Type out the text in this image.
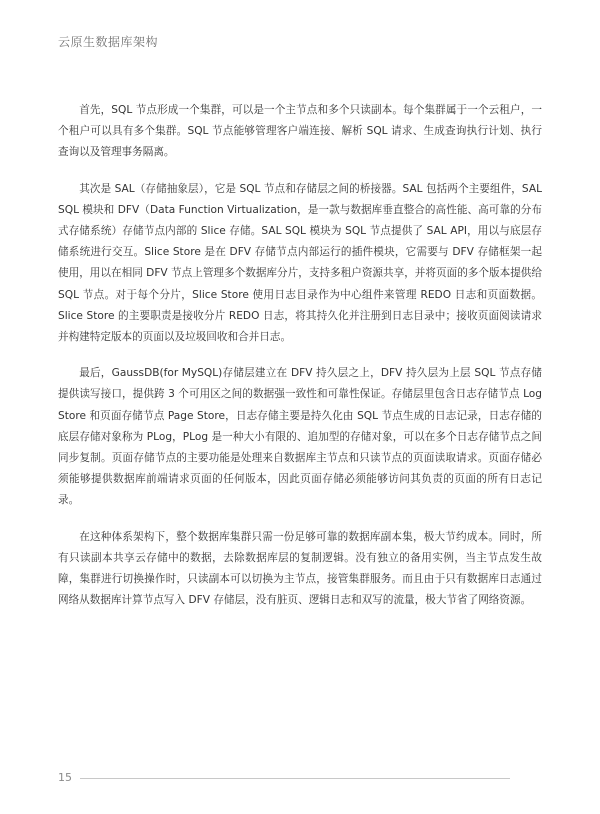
云原生数据库架构

首先，SQL 节点形成一个集群，可以是一个主节点和多个只读副本。每个集群属于一个云租户，一个租户可以具有多个集群。SQL 节点能够管理客户端连接、解析 SQL 请求、生成查询执行计划、执行查询以及管理事务隔离。

其次是 SAL（存储抽象层），它是 SQL 节点和存储层之间的桥接器。SAL 包括两个主要组件，SAL SQL 模块和 DFV（Data Function Virtualization，是一款与数据库垂直整合的高性能、高可靠的分布式存储系统）存储节点内部的 Slice 存储。SAL SQL 模块为 SQL 节点提供了 SAL API，用以与底层存储系统进行交互。Slice Store 是在 DFV 存储节点内部运行的插件模块，它需要与 DFV 存储框架一起使用，用以在相同 DFV 节点上管理多个数据库分片，支持多租户资源共享，并将页面的多个版本提供给 SQL 节点。对于每个分片，Slice Store 使用日志目录作为中心组件来管理 REDO 日志和页面数据。Slice Store 的主要职责是接收分片 REDO 日志，将其持久化并注册到日志目录中；接收页面阅读请求并构建特定版本的页面以及垃圾回收和合并日志。

最后，GaussDB(for MySQL)存储层建立在 DFV 持久层之上，DFV 持久层为上层 SQL 节点存储提供读写接口，提供跨 3 个可用区之间的数据强一致性和可靠性保证。存储层里包含日志存储节点 Log Store 和页面存储节点 Page Store，日志存储主要是持久化由 SQL 节点生成的日志记录，日志存储的底层存储对象称为 PLog，PLog 是一种大小有限的、追加型的存储对象，可以在多个日志存储节点之间同步复制。页面存储节点的主要功能是处理来自数据库主节点和只读节点的页面读取请求。页面存储必须能够提供数据库前端请求页面的任何版本，因此页面存储必须能够访问其负责的页面的所有日志记录。

在这种体系架构下，整个数据库集群只需一份足够可靠的数据库副本集，极大节约成本。同时，所有只读副本共享云存储中的数据，去除数据库层的复制逻辑。没有独立的备用实例，当主节点发生故障，集群进行切换操作时，只读副本可以切换为主节点，接管集群服务。而且由于只有数据库日志通过网络从数据库计算节点写入 DFV 存储层，没有脏页、逻辑日志和双写的流量，极大节省了网络资源。

15
